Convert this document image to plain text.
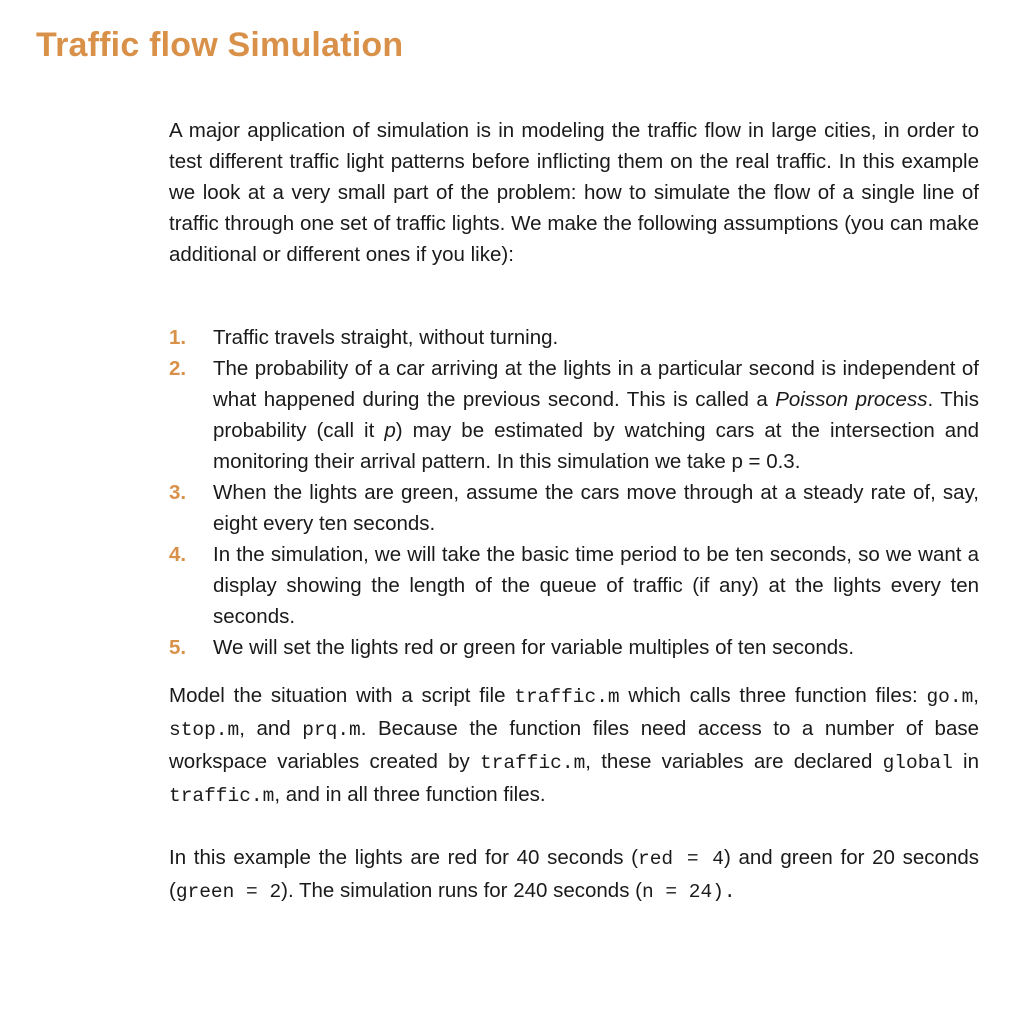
Traffic flow Simulation

A major application of simulation is in modeling the traffic flow in large cities, in order to test different traffic light patterns before inflicting them on the real traffic. In this example we look at a very small part of the problem: how to simulate the flow of a single line of traffic through one set of traffic lights. We make the following assumptions (you can make additional or different ones if you like):

1.	Traffic travels straight, without turning.
2.	The probability of a car arriving at the lights in a particular second is independent of what happened during the previous second. This is called a Poisson process. This probability (call it p) may be estimated by watching cars at the intersection and monitoring their arrival pattern. In this simulation we take p = 0.3.
3.	When the lights are green, assume the cars move through at a steady rate of, say, eight every ten seconds.
4.	In the simulation, we will take the basic time period to be ten seconds, so we want a display showing the length of the queue of traffic (if any) at the lights every ten seconds.
5.	We will set the lights red or green for variable multiples of ten seconds.

Model the situation with a script file traffic.m which calls three function files: go.m, stop.m, and prq.m. Because the function files need access to a number of base workspace variables created by traffic.m, these variables are declared global in traffic.m, and in all three function files.

In this example the lights are red for 40 seconds (red = 4) and green for 20 seconds (green = 2). The simulation runs for 240 seconds (n = 24).
